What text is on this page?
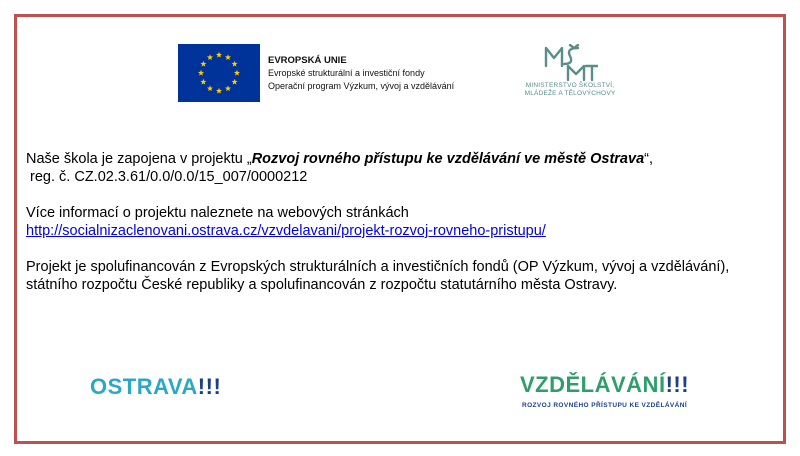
EVROPSKÁ UNIE
Evropské strukturální a investiční fondy
Operační program Výzkum, vývoj a vzdělávání	MINISTERSTVO ŠKOLSTVÍ,
MLÁDEŽE A TĚLOVÝCHOVY
Naše škola je zapojena v projektu „Rozvoj rovného přístupu ke vzdělávání ve městě Ostrava“,
reg. č. CZ.02.3.61/0.0/0.0/15_007/0000212
Více informací o projektu naleznete na webových stránkách
http://socialnizaclenovani.ostrava.cz/vzvdelavani/projekt-rozvoj-rovneho-pristupu/
Projekt je spolufinancován z Evropských strukturálních a investičních fondů (OP Výzkum, vývoj a vzdělávání), státního rozpočtu České republiky a spolufinancován z rozpočtu statutárního města Ostravy.
OSTRAVA!!!	VZDĚLÁVÁNÍ!!!
ROZVOJ ROVNÉHO PŘÍSTUPU KE VZDĚLÁVÁNÍ
